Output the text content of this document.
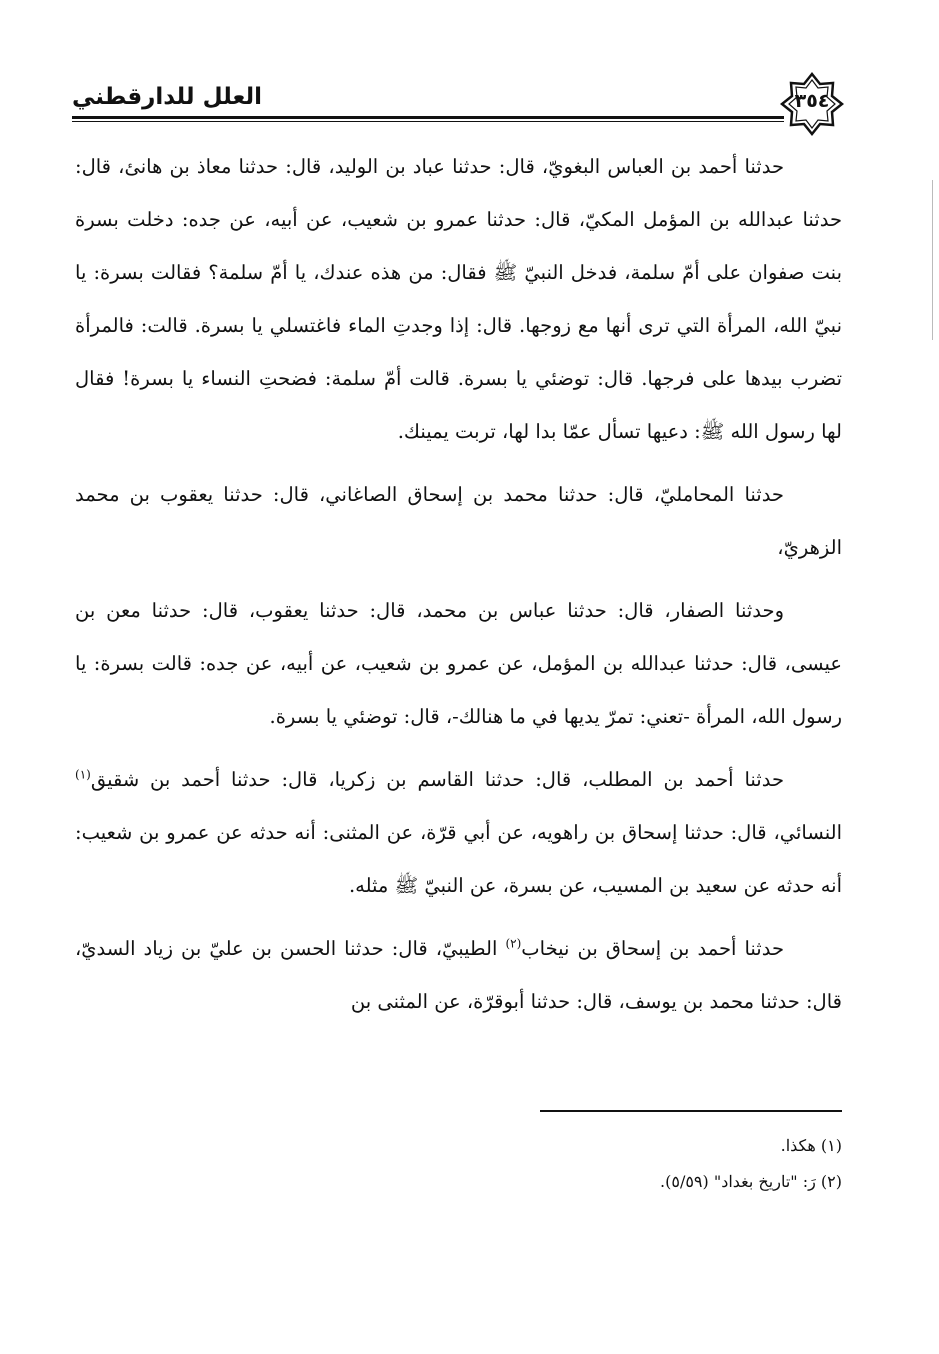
العلل للدارقطني	٣٥٤

حدثنا أحمد بن العباس البغويّ، قال: حدثنا عباد بن الوليد، قال: حدثنا معاذ بن هانئ، قال: حدثنا عبدالله بن المؤمل المكيّ، قال: حدثنا عمرو بن شعيب، عن أبيه، عن جده: دخلت بسرة بنت صفوان على أمّ سلمة، فدخل النبيّ ﷺ فقال: من هذه عندك، يا أمّ سلمة؟ فقالت بسرة: يا نبيّ الله، المرأة التي ترى أنها مع زوجها. قال: إذا وجدتِ الماء فاغتسلي يا بسرة. قالت: فالمرأة تضرب بيدها على فرجها. قال: توضئي يا بسرة. قالت أمّ سلمة: فضحتِ النساء يا بسرة! فقال لها رسول الله ﷺ: دعيها تسأل عمّا بدا لها، تربت يمينك.

حدثنا المحامليّ، قال: حدثنا محمد بن إسحاق الصاغاني، قال: حدثنا يعقوب بن محمد الزهريّ،

وحدثنا الصفار، قال: حدثنا عباس بن محمد، قال: حدثنا يعقوب، قال: حدثنا معن بن عيسى، قال: حدثنا عبدالله بن المؤمل، عن عمرو بن شعيب، عن أبيه، عن جده: قالت بسرة: يا رسول الله، المرأة -تعني: تمرّ يديها في ما هنالك-، قال: توضئي يا بسرة.

حدثنا أحمد بن المطلب، قال: حدثنا القاسم بن زكريا، قال: حدثنا أحمد بن شقيق$^{(١)}$ النسائي، قال: حدثنا إسحاق بن راهويه، عن أبي قرّة، عن المثنى: أنه حدثه عن عمرو بن شعيب: أنه حدثه عن سعيد بن المسيب، عن بسرة، عن النبيّ ﷺ مثله.

حدثنا أحمد بن إسحاق بن نيخاب$^{(٢)}$ الطيبيّ، قال: حدثنا الحسن بن عليّ بن زياد السديّ، قال: حدثنا محمد بن يوسف، قال: حدثنا أبوقرّة، عن المثنى بن

(١) هكذا.

(٢) رَ: "تاريخ بغداد" (٥/٥٩).
